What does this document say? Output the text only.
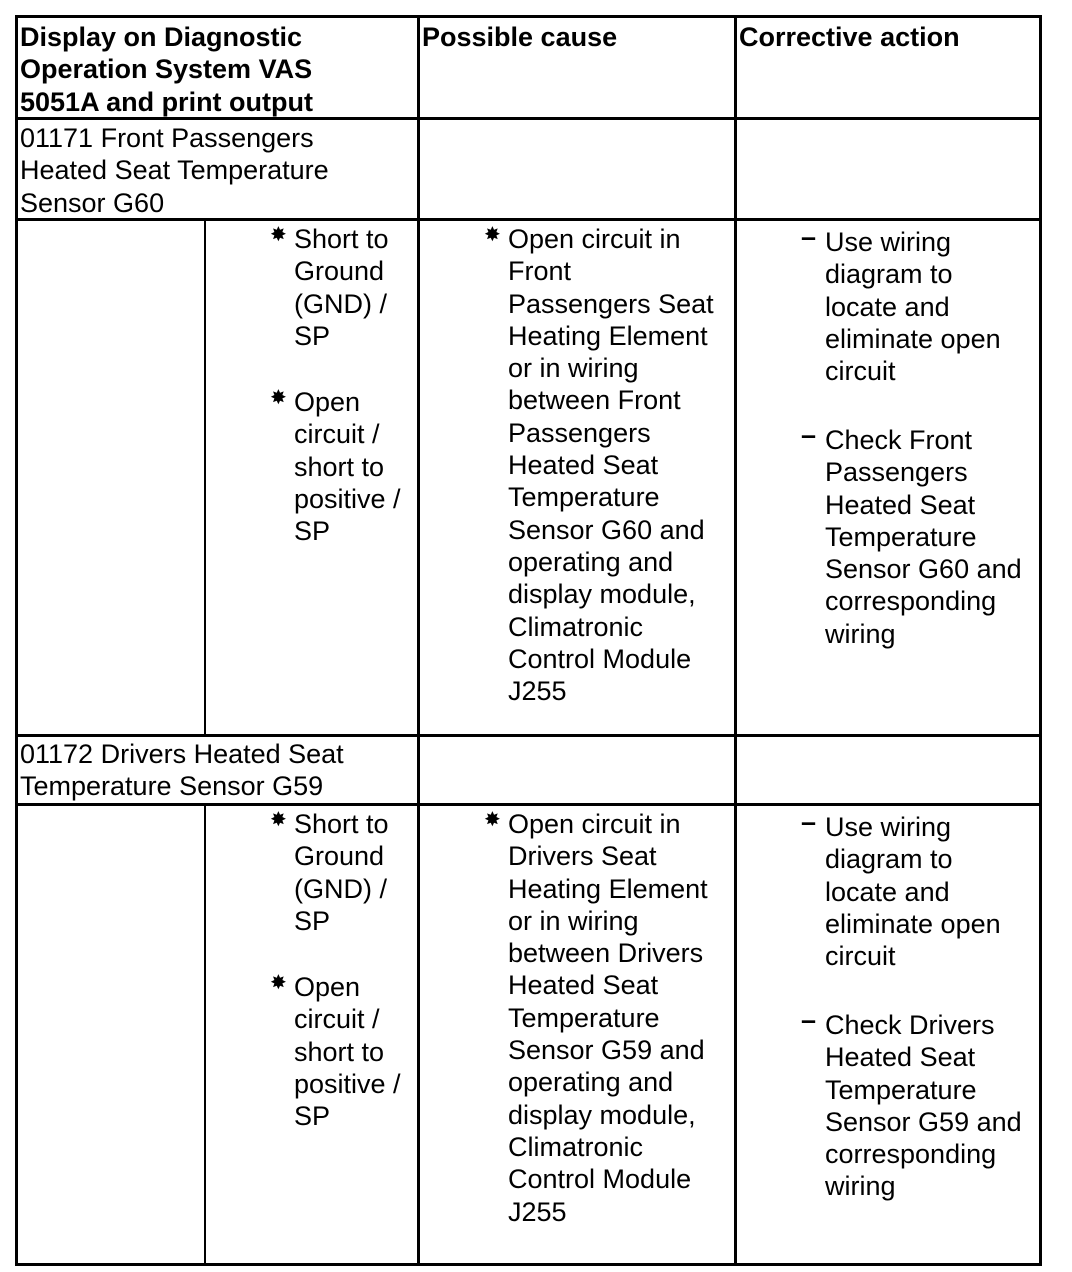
Display on Diagnostic
Operation System VAS
5051A and print output
Possible cause	Corrective action
01171 Front Passengers
Heated Seat Temperature
Sensor G60
✸ Short to
Ground
(GND) /
SP
✸ Open
circuit /
short to
positive /
SP
✸ Open circuit in
Front
Passengers Seat
Heating Element
or in wiring
between Front
Passengers
Heated Seat
Temperature
Sensor G60 and
operating and
display module,
Climatronic
Control Module
J255
– Use wiring
diagram to
locate and
eliminate open
circuit
– Check Front
Passengers
Heated Seat
Temperature
Sensor G60 and
corresponding
wiring
01172 Drivers Heated Seat
Temperature Sensor G59
✸ Short to
Ground
(GND) /
SP
✸ Open
circuit /
short to
positive /
SP
✸ Open circuit in
Drivers Seat
Heating Element
or in wiring
between Drivers
Heated Seat
Temperature
Sensor G59 and
operating and
display module,
Climatronic
Control Module
J255
– Use wiring
diagram to
locate and
eliminate open
circuit
– Check Drivers
Heated Seat
Temperature
Sensor G59 and
corresponding
wiring
